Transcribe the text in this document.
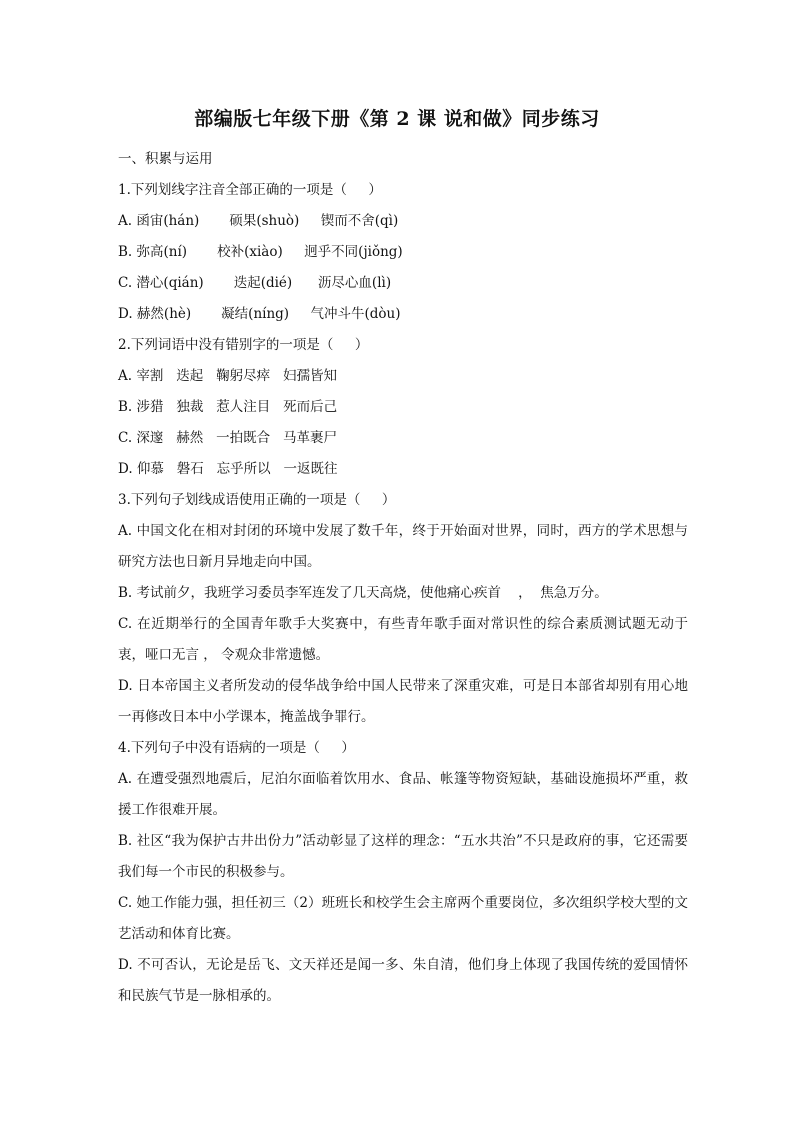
部编版七年级下册《第 2 课 说和做》同步练习
一、积累与运用
1.下列划线字注音全部正确的一项是（     ）
A. 函宙(hán)       硕果(shuò)     锲而不舍(qì)
B. 弥高(ní)       校补(xiào)     迥乎不同(jiǒng)
C. 潜心(qián)       迭起(dié)      沥尽心血(lì)
D. 赫然(hè)       凝结(níng)     气冲斗牛(dòu)
2.下列词语中没有错别字的一项是（     ）
A. 宰割   迭起   鞠躬尽瘁   妇孺皆知
B. 涉猎   独裁   惹人注目   死而后己
C. 深邃   赫然   一拍既合   马革裹尸
D. 仰慕   磐石   忘乎所以   一返既往
3.下列句子划线成语使用正确的一项是（     ）
A. 中国文化在相对封闭的环境中发展了数千年，终于开始面对世界，同时，西方的学术思想与研究方法也日新月异地走向中国。
B. 考试前夕，我班学习委员李军连发了几天高烧，使他痛心疾首    ，  焦急万分。
C. 在近期举行的全国青年歌手大奖赛中，有些青年歌手面对常识性的综合素质测试题无动于衷，哑口无言 ， 令观众非常遗憾。
D. 日本帝国主义者所发动的侵华战争给中国人民带来了深重灾难，可是日本部省却别有用心地一再修改日本中小学课本，掩盖战争罪行。
4.下列句子中没有语病的一项是（     ）
A. 在遭受强烈地震后，尼泊尔面临着饮用水、食品、帐篷等物资短缺，基础设施损坏严重，救援工作很难开展。
B. 社区“我为保护古井出份力”活动彰显了这样的理念：“五水共治”不只是政府的事，它还需要我们每一个市民的积极参与。
C. 她工作能力强，担任初三（2）班班长和校学生会主席两个重要岗位，多次组织学校大型的文艺活动和体育比赛。
D. 不可否认，无论是岳飞、文天祥还是闻一多、朱自清，他们身上体现了我国传统的爱国情怀和民族气节是一脉相承的。
